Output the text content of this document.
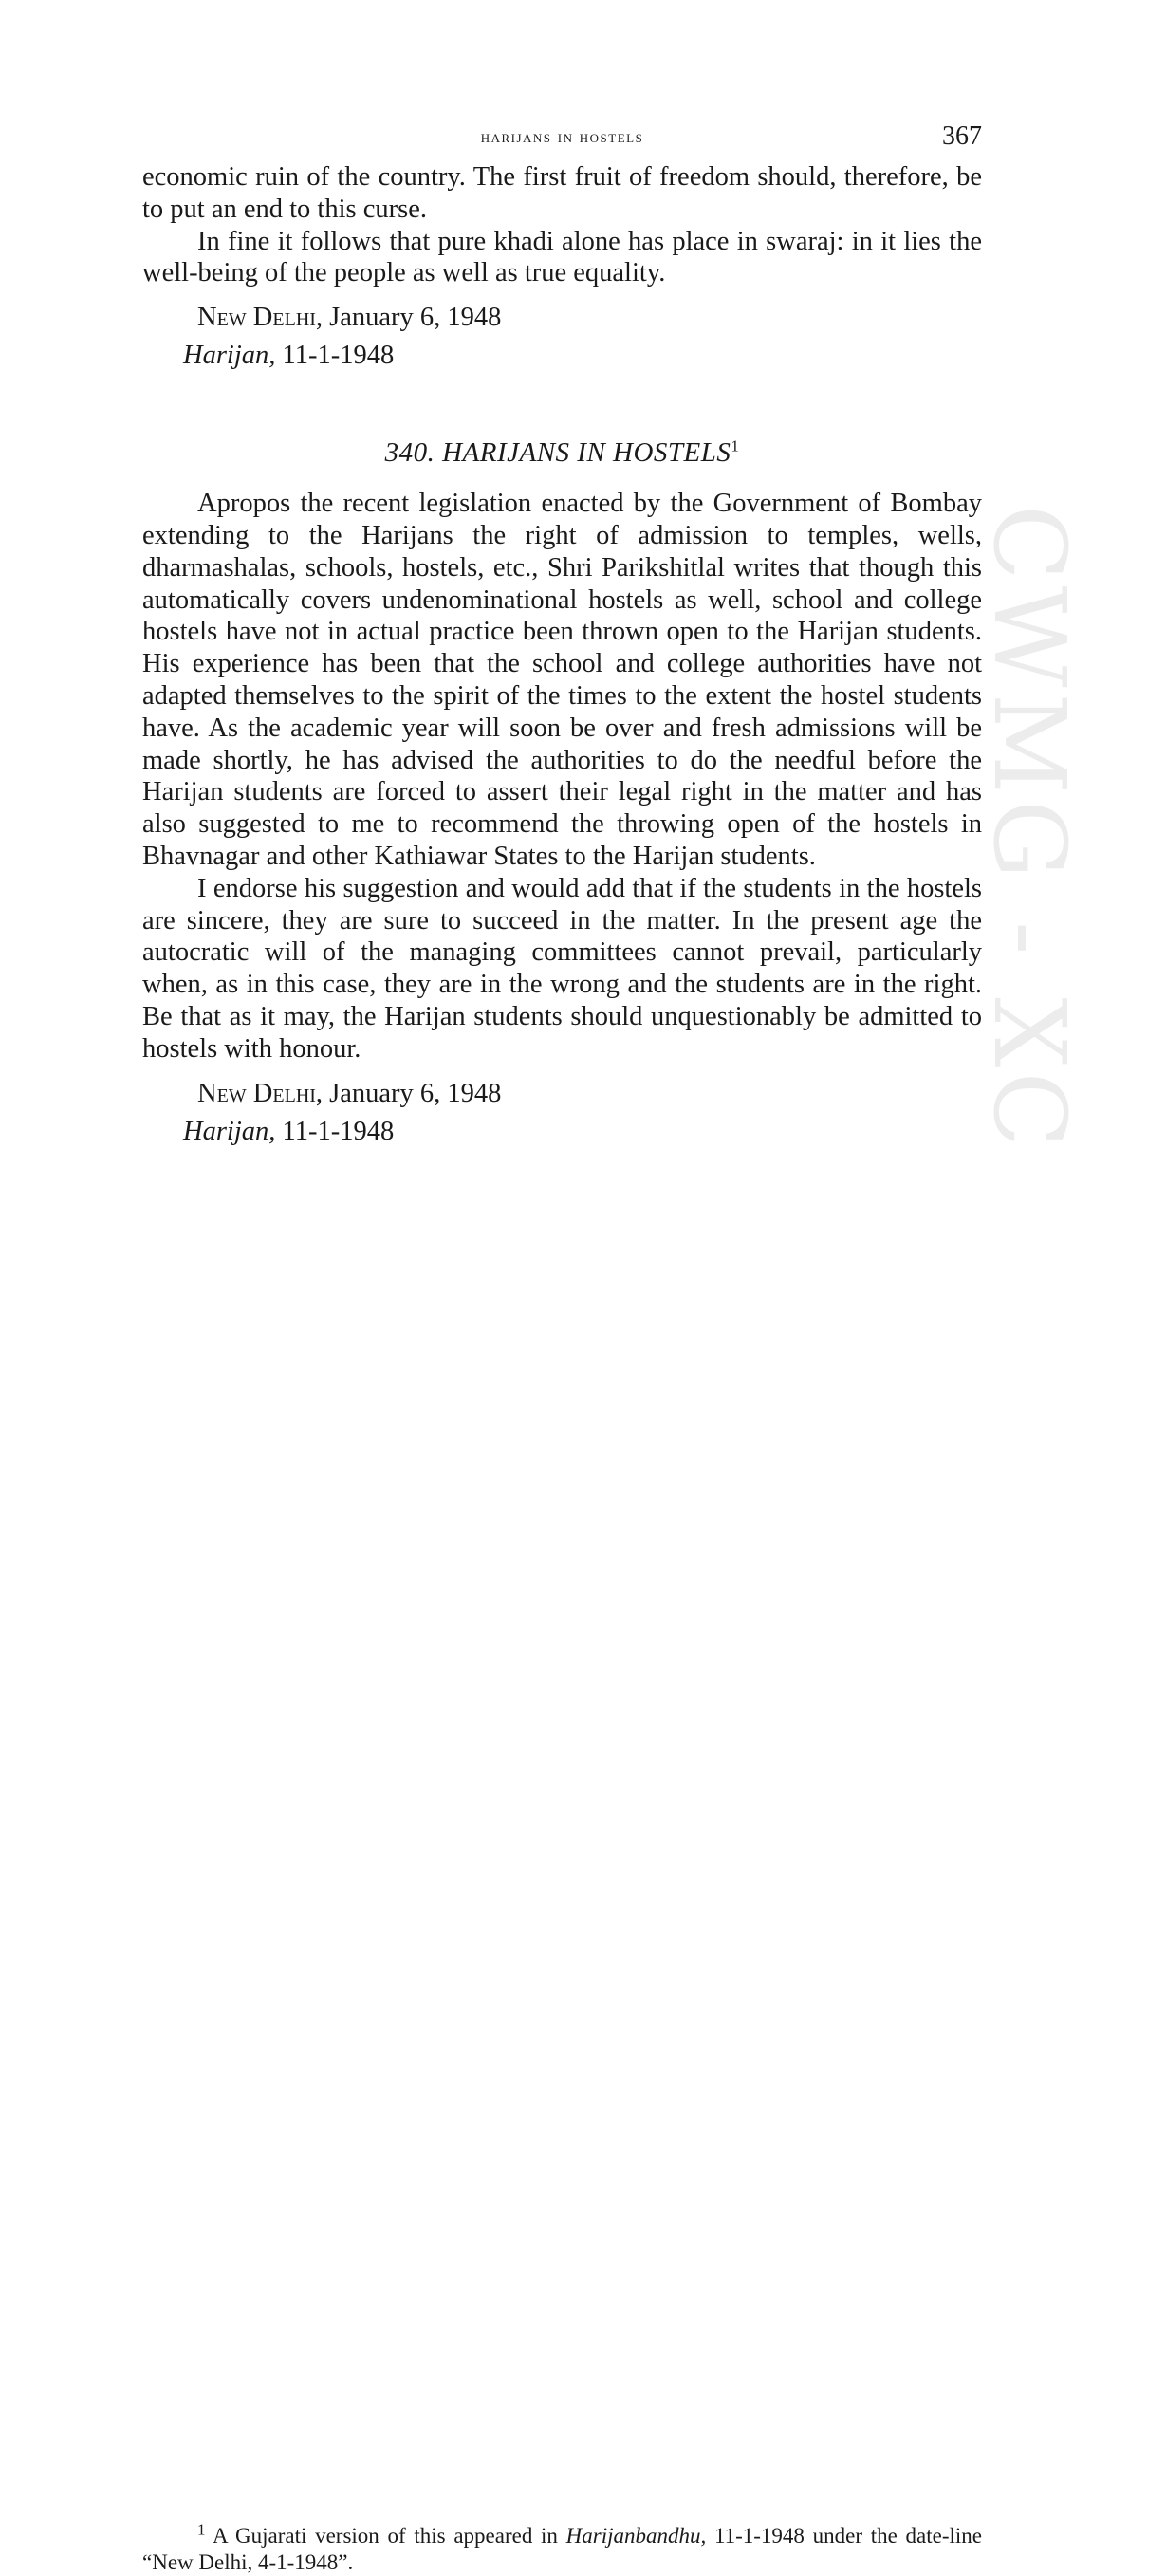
CWMG - XC
harijans in hostels	367

economic ruin of the country. The first fruit of freedom should, therefore, be to put an end to this curse.

In fine it follows that pure khadi alone has place in swaraj: in it lies the well-being of the people as well as true equality.

New Delhi, January 6, 1948
Harijan, 11-1-1948
340. HARIJANS IN HOSTELS$^1$

Apropos the recent legislation enacted by the Government of Bombay extending to the Harijans the right of admission to temples, wells, dharmashalas, schools, hostels, etc., Shri Parikshitlal writes that though this automatically covers undenominational hostels as well, school and college hostels have not in actual practice been thrown open to the Harijan students. His experience has been that the school and college authorities have not adapted themselves to the spirit of the times to the extent the hostel students have. As the academic year will soon be over and fresh admissions will be made shortly, he has advised the authorities to do the needful before the Harijan students are forced to assert their legal right in the matter and has also suggested to me to recommend the throwing open of the hostels in Bhavnagar and other Kathiawar States to the Harijan students.

I endorse his suggestion and would add that if the students in the hostels are sincere, they are sure to succeed in the matter. In the present age the autocratic will of the managing committees cannot prevail, particularly when, as in this case, they are in the wrong and the students are in the right. Be that as it may, the Harijan students should unquestionably be admitted to hostels with honour.

New Delhi, January 6, 1948
Harijan, 11-1-1948
$^1$ A Gujarati version of this appeared in Harijanbandhu, 11-1-1948 under the date-line “New Delhi, 4-1-1948”.
